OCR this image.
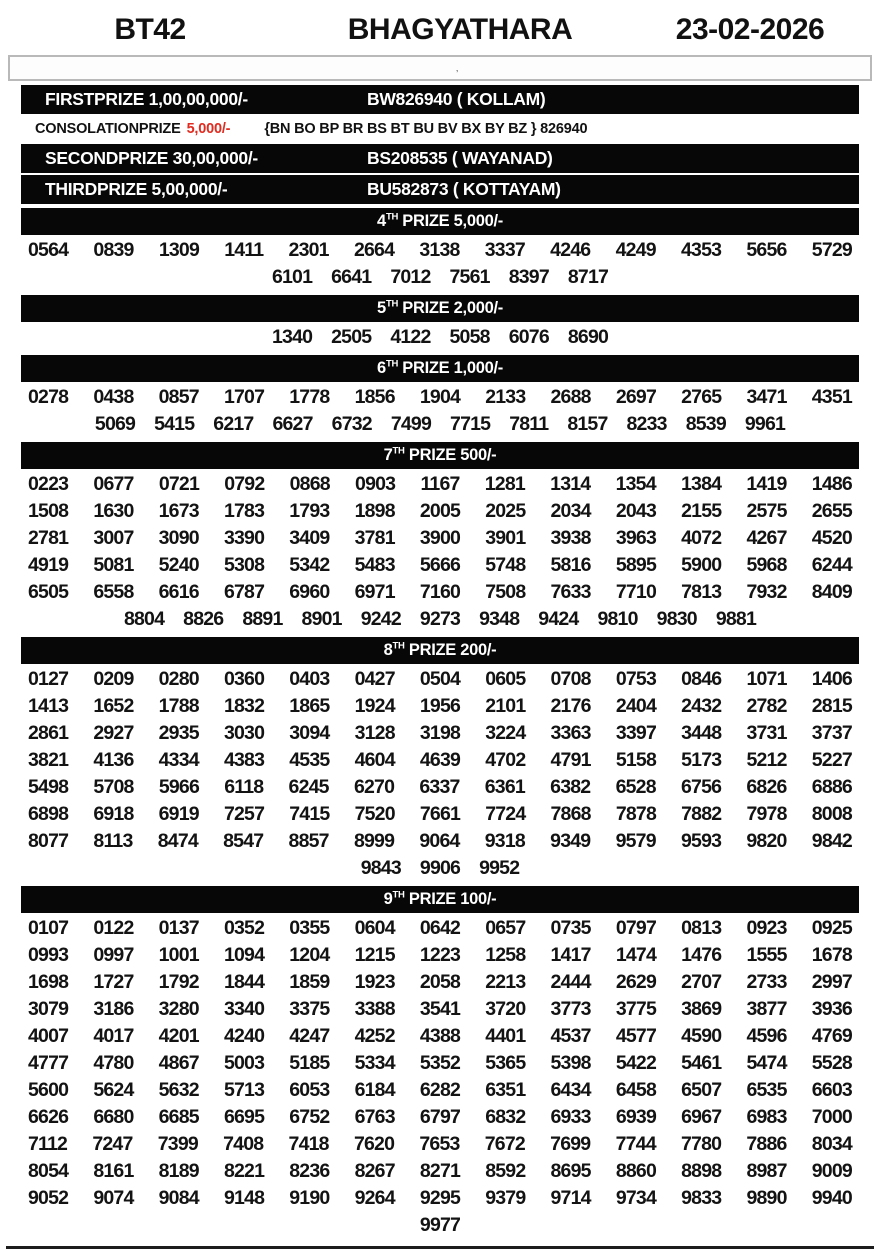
BT42	BHAGYATHARA	23-02-2026
’
FIRSTPRIZE 1,00,00,000/-	BW826940 ( KOLLAM)
CONSOLATIONPRIZE 5,000/- {BN BO BP BR BS BT BU BV BX BY BZ } 826940
SECONDPRIZE 30,00,000/-	BS208535 ( WAYANAD)
THIRDPRIZE 5,00,000/-	BU582873 ( KOTTAYAM)
4TH PRIZE 5,000/-
0564 0839 1309 1411 2301 2664 3138 3337 4246 4249 4353 5656 5729
6101 6641 7012 7561 8397 8717
5TH PRIZE 2,000/-
1340 2505 4122 5058 6076 8690
6TH PRIZE 1,000/-
0278 0438 0857 1707 1778 1856 1904 2133 2688 2697 2765 3471 4351
5069 5415 6217 6627 6732 7499 7715 7811 8157 8233 8539 9961
7TH PRIZE 500/-
0223 0677 0721 0792 0868 0903 1167 1281 1314 1354 1384 1419 1486
1508 1630 1673 1783 1793 1898 2005 2025 2034 2043 2155 2575 2655
2781 3007 3090 3390 3409 3781 3900 3901 3938 3963 4072 4267 4520
4919 5081 5240 5308 5342 5483 5666 5748 5816 5895 5900 5968 6244
6505 6558 6616 6787 6960 6971 7160 7508 7633 7710 7813 7932 8409
8804 8826 8891 8901 9242 9273 9348 9424 9810 9830 9881
8TH PRIZE 200/-
0127 0209 0280 0360 0403 0427 0504 0605 0708 0753 0846 1071 1406
1413 1652 1788 1832 1865 1924 1956 2101 2176 2404 2432 2782 2815
2861 2927 2935 3030 3094 3128 3198 3224 3363 3397 3448 3731 3737
3821 4136 4334 4383 4535 4604 4639 4702 4791 5158 5173 5212 5227
5498 5708 5966 6118 6245 6270 6337 6361 6382 6528 6756 6826 6886
6898 6918 6919 7257 7415 7520 7661 7724 7868 7878 7882 7978 8008
8077 8113 8474 8547 8857 8999 9064 9318 9349 9579 9593 9820 9842
9843 9906 9952
9TH PRIZE 100/-
0107 0122 0137 0352 0355 0604 0642 0657 0735 0797 0813 0923 0925
0993 0997 1001 1094 1204 1215 1223 1258 1417 1474 1476 1555 1678
1698 1727 1792 1844 1859 1923 2058 2213 2444 2629 2707 2733 2997
3079 3186 3280 3340 3375 3388 3541 3720 3773 3775 3869 3877 3936
4007 4017 4201 4240 4247 4252 4388 4401 4537 4577 4590 4596 4769
4777 4780 4867 5003 5185 5334 5352 5365 5398 5422 5461 5474 5528
5600 5624 5632 5713 6053 6184 6282 6351 6434 6458 6507 6535 6603
6626 6680 6685 6695 6752 6763 6797 6832 6933 6939 6967 6983 7000
7112 7247 7399 7408 7418 7620 7653 7672 7699 7744 7780 7886 8034
8054 8161 8189 8221 8236 8267 8271 8592 8695 8860 8898 8987 9009
9052 9074 9084 9148 9190 9264 9295 9379 9714 9734 9833 9890 9940
9977
